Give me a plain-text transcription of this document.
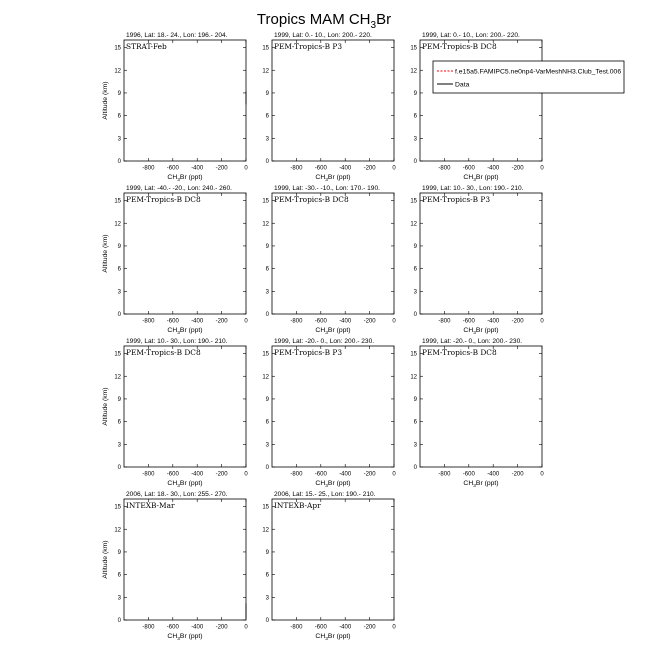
Tropics MAM $CH_3Br$
-800 -600 -400 -200	0
0
3
6
9
12
15
$CH_3Br$ (ppt)
Altitude (km)
1996, Lat: 18.- 24., Lon: 196.- 204.
STRAT-Feb
-800 -600 -400 -200	0
0
3
6
9
12
15
$CH_3Br$ (ppt)
1999, Lat: 0.- 10., Lon: 200.- 220.
PEM-Tropics-B P3
-800 -600 -400 -200	0
0
3
6
9
12
15
$CH_3Br$ (ppt)
1999, Lat: 0.- 10., Lon: 200.- 220.
PEM-Tropics-B DC8
-800 -600 -400 -200	0
0
3
6
9
12
15
$CH_3Br$ (ppt)
Altitude (km)
1999, Lat: -40.- -20., Lon: 240.- 260.
PEM-Tropics-B DC8
-800 -600 -400 -200	0
0
3
6
9
12
15
$CH_3Br$ (ppt)
1999, Lat: -30.- -10., Lon: 170.- 190.
PEM-Tropics-B DC8
-800 -600 -400 -200	0
0
3
6
9
12
15
$CH_3Br$ (ppt)
1999, Lat: 10.- 30., Lon: 190.- 210.
PEM-Tropics-B P3
-800 -600 -400 -200	0
0
3
6
9
12
15
$CH_3Br$ (ppt)
Altitude (km)
1999, Lat: 10.- 30., Lon: 190.- 210.
PEM-Tropics-B DC8
-800 -600 -400 -200	0
0
3
6
9
12
15
$CH_3Br$ (ppt)
1999, Lat: -20.- 0., Lon: 200.- 230.
PEM-Tropics-B P3
-800 -600 -400 -200	0
0
3
6
9
12
15
$CH_3Br$ (ppt)
1999, Lat: -20.- 0., Lon: 200.- 230.
PEM-Tropics-B DC8
-800 -600 -400 -200	0
0
3
6
9
12
15
$CH_3Br$ (ppt)
Altitude (km)
2006, Lat: 18.- 30., Lon: 255.- 270.
INTEXB-Mar
-800 -600 -400 -200	0
0
3
6
9
12
15
$CH_3Br$ (ppt)
2006, Lat: 15.- 25., Lon: 190.- 210.
INTEXB-Apr
f.e15a5.FAMIPC5.ne0np4-VarMeshNH3.Club_Test.006
Data
